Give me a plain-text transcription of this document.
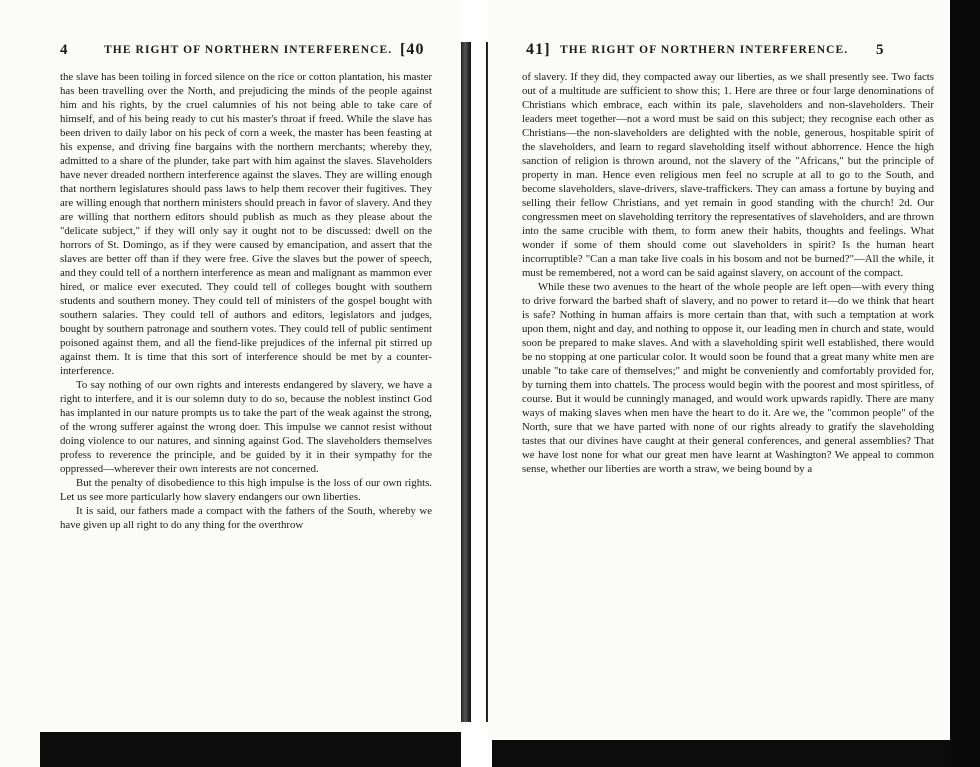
4	THE RIGHT OF NORTHERN INTERFERENCE. [40

the slave has been toiling in forced silence on the rice or cotton plantation, his master has been travelling over the North, and prejudicing the minds of the people against him and his rights, by the cruel calumnies of his not being able to take care of himself, and of his being ready to cut his master's throat if freed. While the slave has been driven to daily labor on his peck of corn a week, the master has been feasting at his expense, and driving fine bargains with the northern merchants; whereby they, admitted to a share of the plunder, take part with him against the slaves. Slaveholders have never dreaded northern interference against the slaves. They are willing enough that northern legislatures should pass laws to help them recover their fugitives. They are willing enough that northern ministers should preach in favor of slavery. And they are willing that northern editors should publish as much as they please about the "delicate subject," if they will only say it ought not to be discussed: dwell on the horrors of St. Domingo, as if they were caused by emancipation, and assert that the slaves are better off than if they were free. Give the slaves but the power of speech, and they could tell of a northern interference as mean and malignant as mammon ever hired, or malice ever executed. They could tell of colleges bought with southern students and southern money. They could tell of ministers of the gospel bought with southern salaries. They could tell of authors and editors, legislators and judges, bought by southern patronage and southern votes. They could tell of public sentiment poisoned against them, and all the fiend-like prejudices of the infernal pit stirred up against them. It is time that this sort of interference should be met by a counter-interference.

To say nothing of our own rights and interests endangered by slavery, we have a right to interfere, and it is our solemn duty to do so, because the noblest instinct God has implanted in our nature prompts us to take the part of the weak against the strong, of the wrong sufferer against the wrong doer. This impulse we cannot resist without doing violence to our natures, and sinning against God. The slaveholders themselves profess to reverence the principle, and be guided by it in their sympathy for the oppressed—wherever their own interests are not concerned.

But the penalty of disobedience to this high impulse is the loss of our own rights. Let us see more particularly how slavery endangers our own liberties.

It is said, our fathers made a compact with the fathers of the South, whereby we have given up all right to do any thing for the overthrow

41] THE RIGHT OF NORTHERN INTERFERENCE. 5

of slavery. If they did, they compacted away our liberties, as we shall presently see. Two facts out of a multitude are sufficient to show this; 1. Here are three or four large denominations of Christians which embrace, each within its pale, slaveholders and non-slaveholders. Their leaders meet together—not a word must be said on this subject; they recognise each other as Christians—the non-slaveholders are delighted with the noble, generous, hospitable spirit of the slaveholders, and learn to regard slaveholding itself without abhorrence. Hence the high sanction of religion is thrown around, not the slavery of the "Africans," but the principle of property in man. Hence even religious men feel no scruple at all to go to the South, and become slaveholders, slave-drivers, slave-traffickers. They can amass a fortune by buying and selling their fellow Christians, and yet remain in good standing with the church! 2d. Our congressmen meet on slaveholding territory the representatives of slaveholders, and are thrown into the same crucible with them, to form anew their habits, thoughts and feelings. What wonder if some of them should come out slaveholders in spirit? Is the human heart incorruptible? "Can a man take live coals in his bosom and not be burned?"—All the while, it must be remembered, not a word can be said against slavery, on account of the compact.

While these two avenues to the heart of the whole people are left open—with every thing to drive forward the barbed shaft of slavery, and no power to retard it—do we think that heart is safe? Nothing in human affairs is more certain than that, with such a temptation at work upon them, night and day, and nothing to oppose it, our leading men in church and state, would soon be prepared to make slaves. And with a slaveholding spirit well established, there would be no stopping at one particular color. It would soon be found that a great many white men are unable "to take care of themselves;" and might be conveniently and comfortably provided for, by turning them into chattels. The process would begin with the poorest and most spiritless, of course. But it would be cunningly managed, and would work upwards rapidly. There are many ways of making slaves when men have the heart to do it. Are we, the "common people" of the North, sure that we have parted with none of our rights already to gratify the slaveholding tastes that our divines have caught at their general conferences, and general assemblies? That we have lost none for what our great men have learnt at Washington? We appeal to common sense, whether our liberties are worth a straw, we being bound by a
